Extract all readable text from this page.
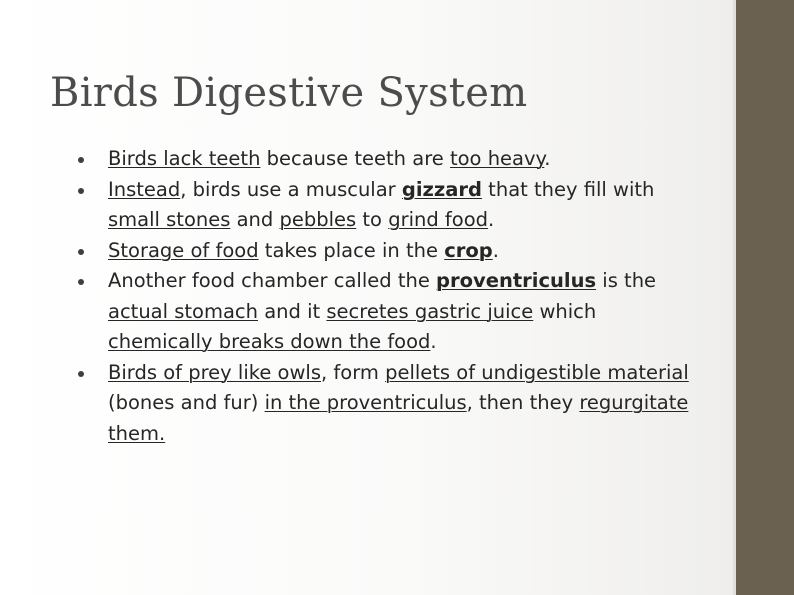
Birds Digestive System
Birds lack teeth because teeth are too heavy.
Instead, birds use a muscular gizzard that they fill with small stones and pebbles to grind food.
Storage of food takes place in the crop.
Another food chamber called the proventriculus is the actual stomach and it secretes gastric juice which chemically breaks down the food.
Birds of prey like owls, form pellets of undigestible material (bones and fur) in the proventriculus, then they regurgitate them.
